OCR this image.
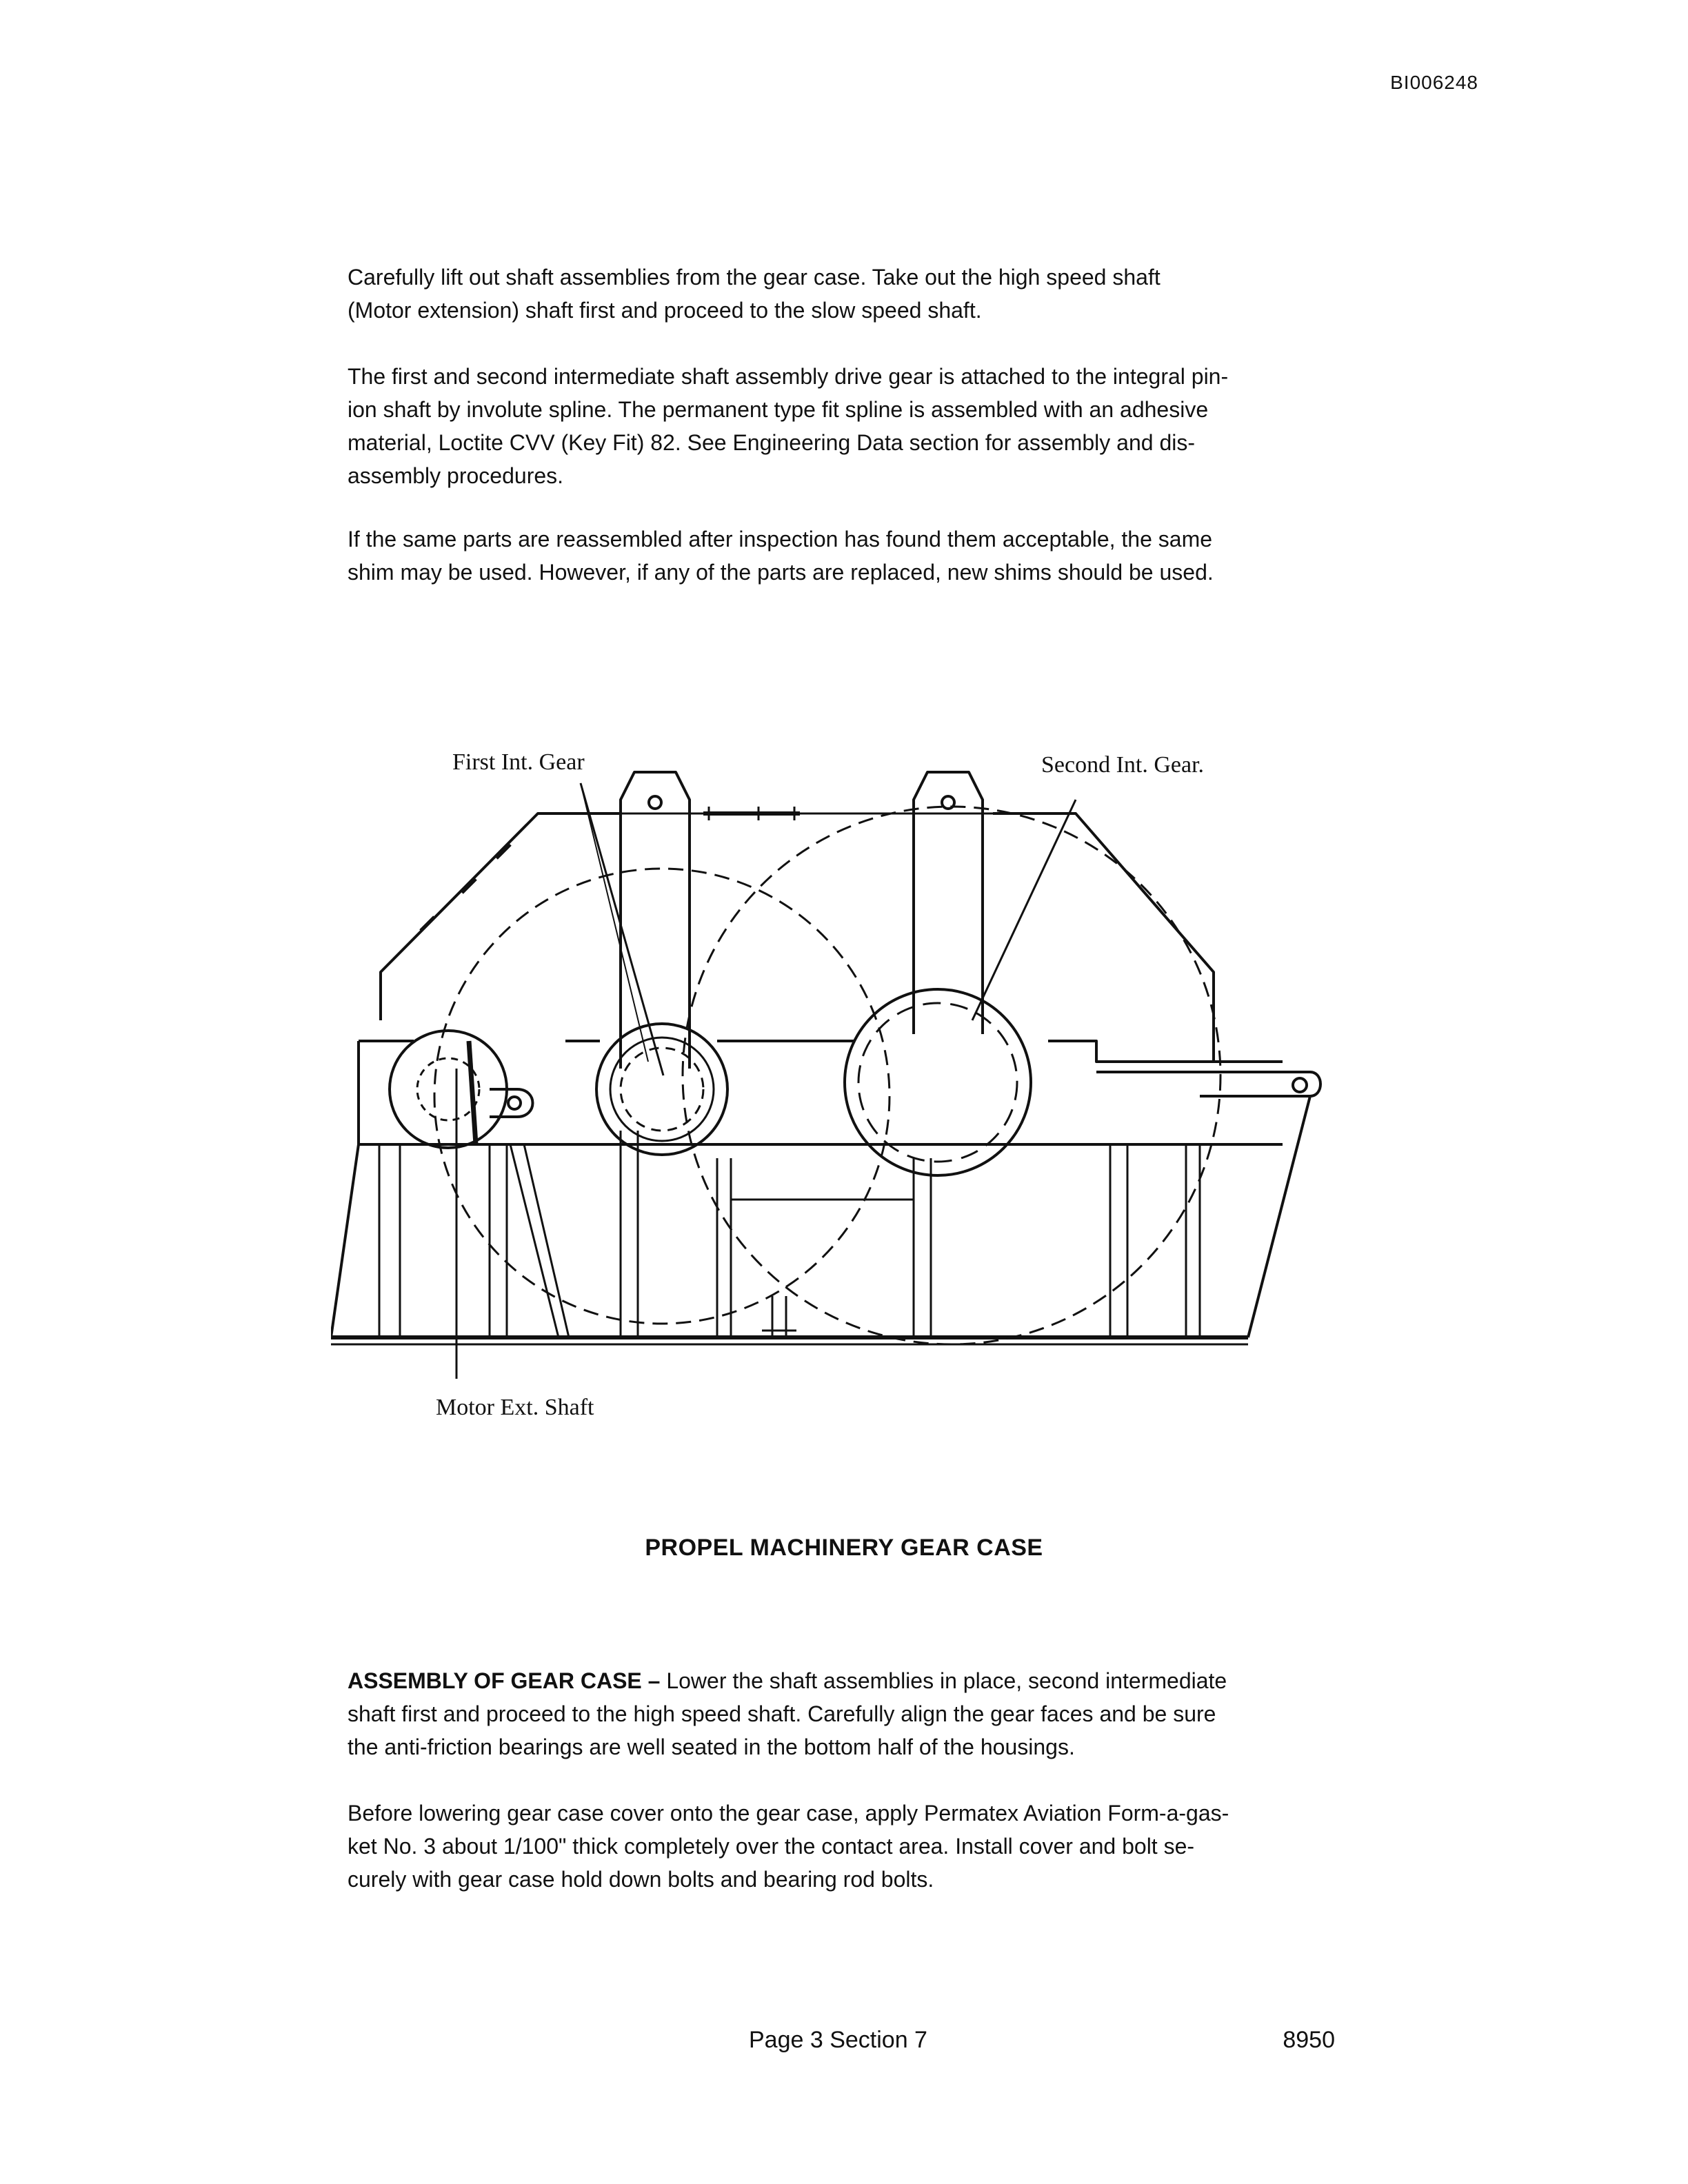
BI006248

Carefully lift out shaft assemblies from the gear case. Take out the high speed shaft
(Motor extension) shaft first and proceed to the slow speed shaft.

The first and second intermediate shaft assembly drive gear is attached to the integral pin-
ion shaft by involute spline. The permanent type fit spline is assembled with an adhesive
material, Loctite CVV (Key Fit) 82. See Engineering Data section for assembly and dis-
assembly procedures.

If the same parts are reassembled after inspection has found them acceptable, the same
shim may be used. However, if any of the parts are replaced, new shims should be used.

First Int. Gear	Second Int. Gear.
Motor Ext. Shaft
PROPEL MACHINERY GEAR CASE

ASSEMBLY OF GEAR CASE – Lower the shaft assemblies in place, second intermediate
shaft first and proceed to the high speed shaft. Carefully align the gear faces and be sure
the anti-friction bearings are well seated in the bottom half of the housings.

Before lowering gear case cover onto the gear case, apply Permatex Aviation Form-a-gas-
ket No. 3 about 1/100" thick completely over the contact area. Install cover and bolt se-
curely with gear case hold down bolts and bearing rod bolts.

Page 3 Section 7	8950
